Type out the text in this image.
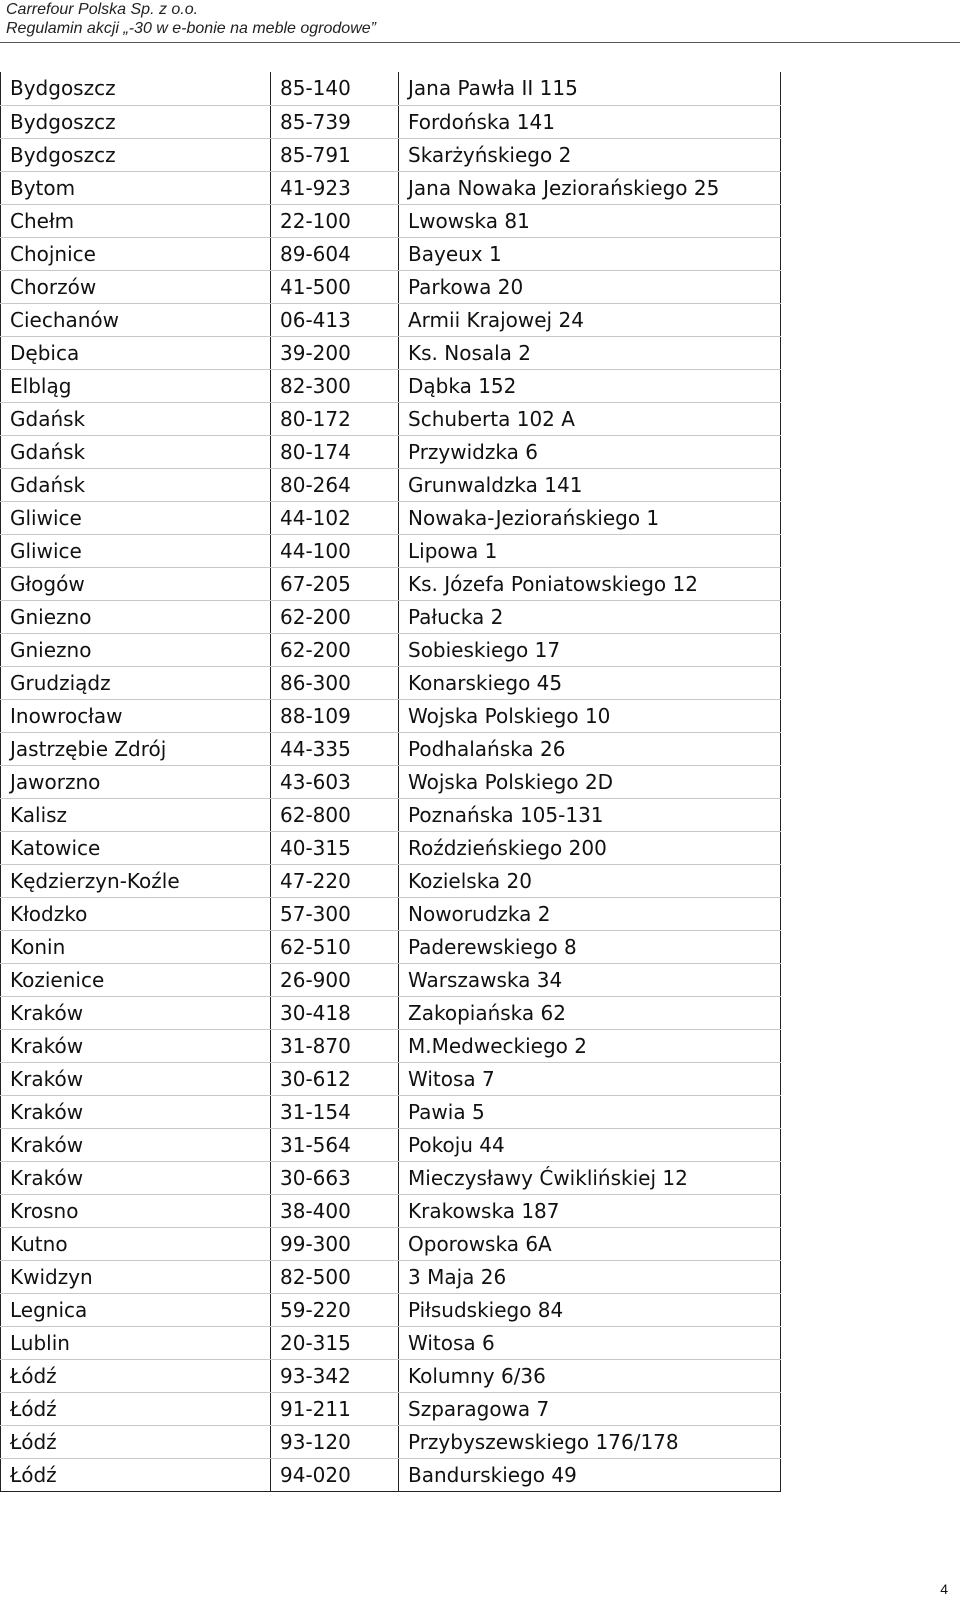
Carrefour Polska Sp. z o.o.
Regulamin akcji „-30 w e-bonie na meble ogrodowe”
Bydgoszcz	85-140	Jana Pawła II 115
Bydgoszcz	85-739	Fordońska 141
Bydgoszcz	85-791	Skarżyńskiego 2
Bytom	41-923	Jana Nowaka Jeziorańskiego 25
Chełm	22-100	Lwowska 81
Chojnice	89-604	Bayeux 1
Chorzów	41-500	Parkowa 20
Ciechanów	06-413	Armii Krajowej 24
Dębica	39-200	Ks. Nosala 2
Elbląg	82-300	Dąbka 152
Gdańsk	80-172	Schuberta 102 A
Gdańsk	80-174	Przywidzka 6
Gdańsk	80-264	Grunwaldzka 141
Gliwice	44-102	Nowaka-Jeziorańskiego 1
Gliwice	44-100	Lipowa 1
Głogów	67-205	Ks. Józefa Poniatowskiego 12
Gniezno	62-200	Pałucka 2
Gniezno	62-200	Sobieskiego 17
Grudziądz	86-300	Konarskiego 45
Inowrocław	88-109	Wojska Polskiego 10
Jastrzębie Zdrój	44-335	Podhalańska 26
Jaworzno	43-603	Wojska Polskiego 2D
Kalisz	62-800	Poznańska 105-131
Katowice	40-315	Roździeńskiego 200
Kędzierzyn-Koźle	47-220	Kozielska 20
Kłodzko	57-300	Noworudzka 2
Konin	62-510	Paderewskiego 8
Kozienice	26-900	Warszawska 34
Kraków	30-418	Zakopiańska 62
Kraków	31-870	M.Medweckiego 2
Kraków	30-612	Witosa 7
Kraków	31-154	Pawia 5
Kraków	31-564	Pokoju 44
Kraków	30-663	Mieczysławy Ćwiklińskiej 12
Krosno	38-400	Krakowska 187
Kutno	99-300	Oporowska 6A
Kwidzyn	82-500	3 Maja 26
Legnica	59-220	Piłsudskiego 84
Lublin	20-315	Witosa 6
Łódź	93-342	Kolumny 6/36
Łódź	91-211	Szparagowa 7
Łódź	93-120	Przybyszewskiego 176/178
Łódź	94-020	Bandurskiego 49
4
